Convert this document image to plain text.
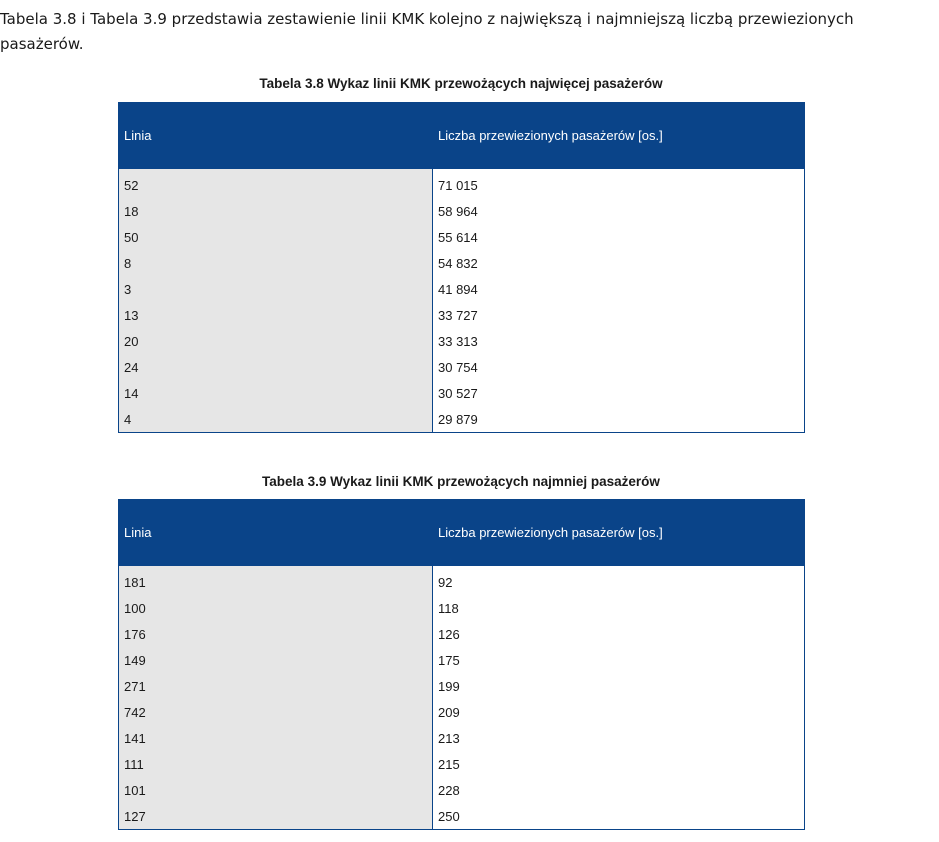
Tabela 3.8 i Tabela 3.9 przedstawia zestawienie linii KMK kolejno z największą i najmniejszą liczbą przewiezionych pasażerów.

Tabela 3.8 Wykaz linii KMK przewożących najwięcej pasażerów

Linia	Liczba przewiezionych pasażerów [os.]
52	71 015
18	58 964
50	55 614
8	54 832
3	41 894
13	33 727
20	33 313
24	30 754
14	30 527
4	29 879

Tabela 3.9 Wykaz linii KMK przewożących najmniej pasażerów

Linia	Liczba przewiezionych pasażerów [os.]
181	92
100	118
176	126
149	175
271	199
742	209
141	213
111	215
101	228
127	250
